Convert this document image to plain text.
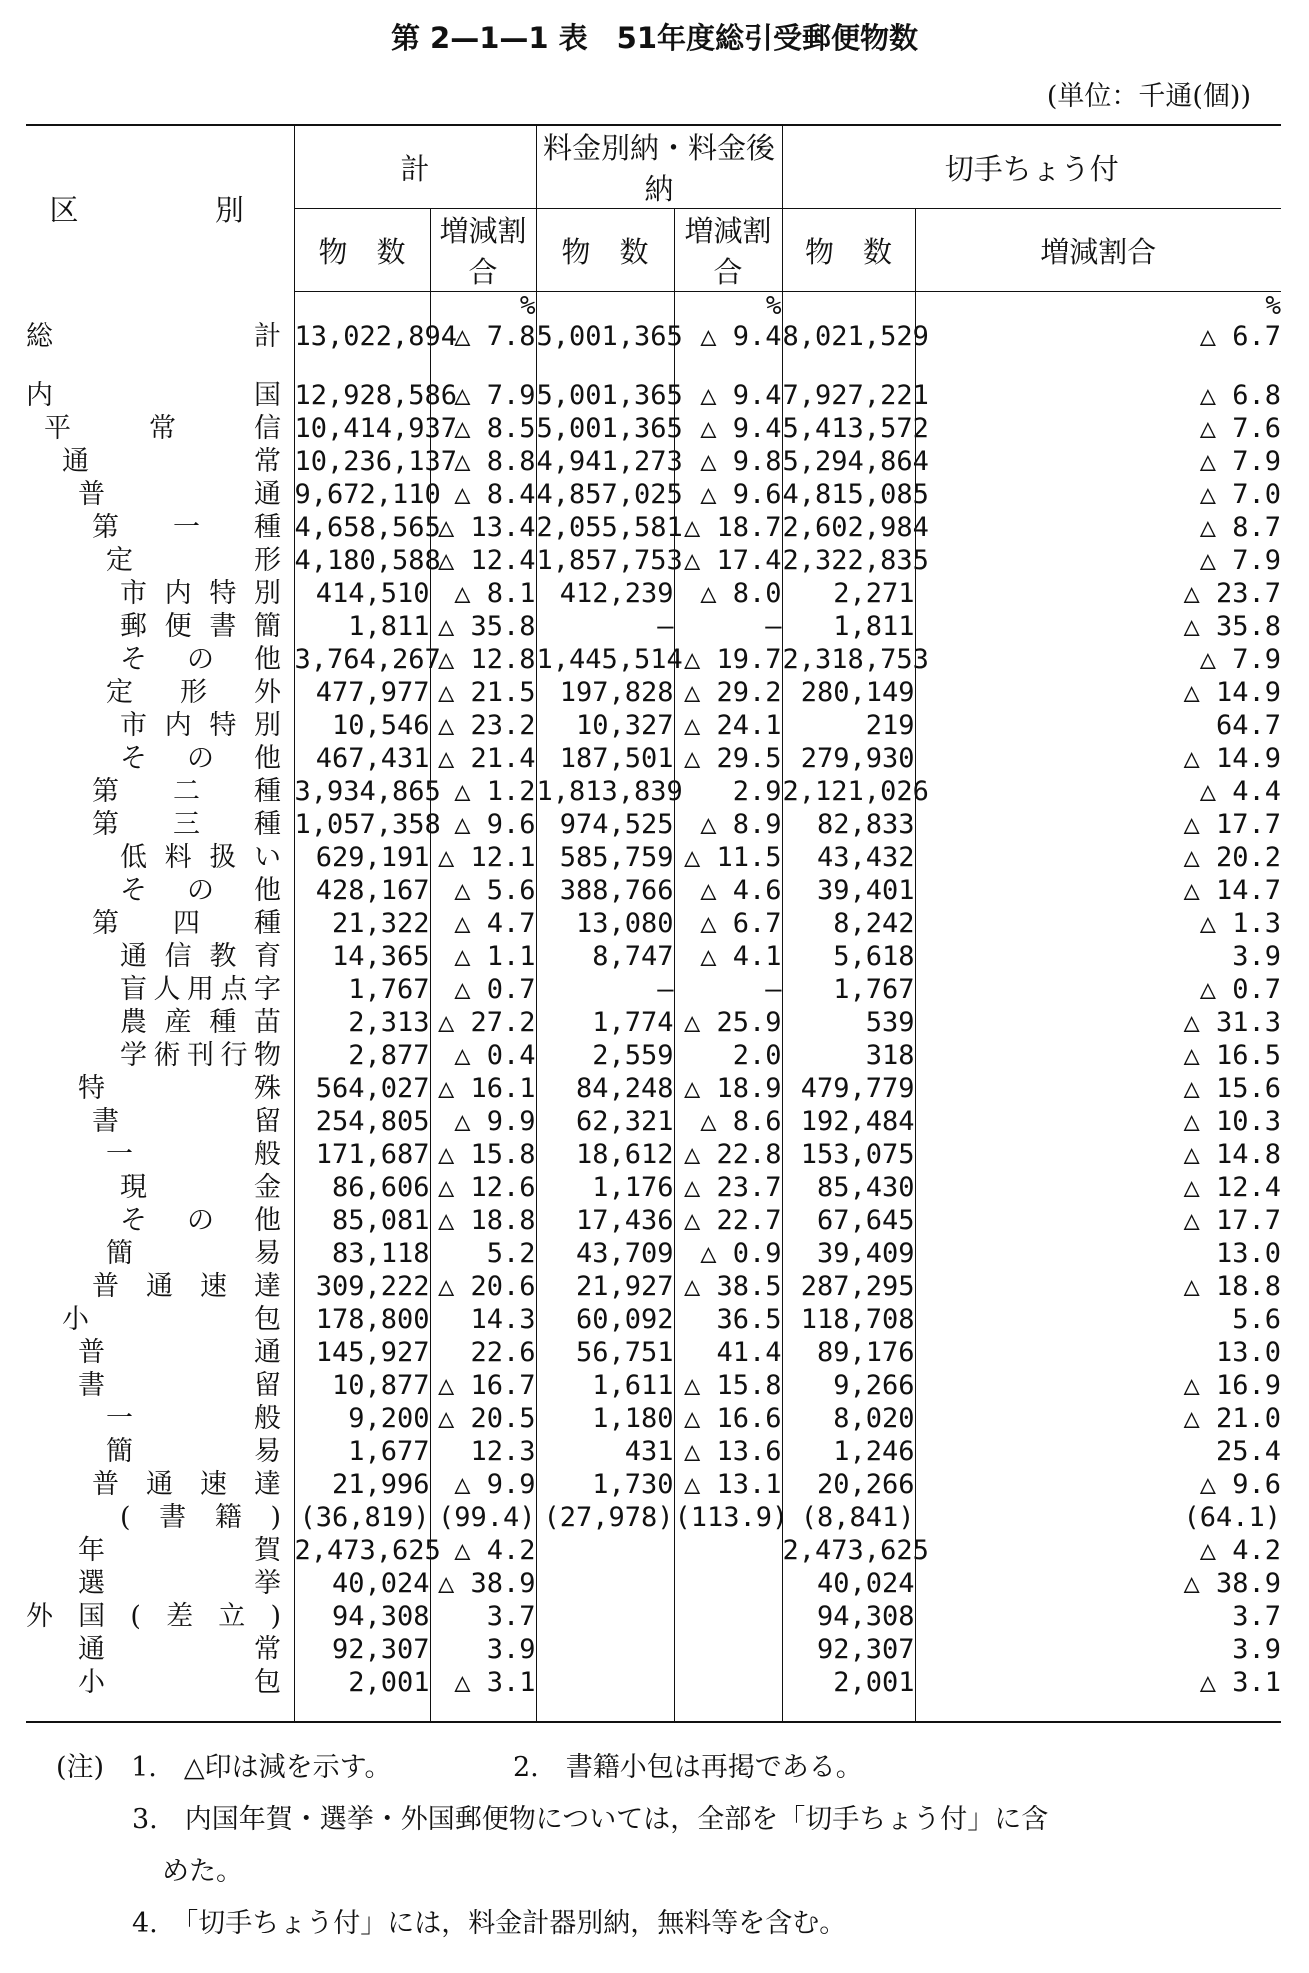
第 2—1—1 表　51年度総引受郵便物数
(単位：千通(個))
区　　別	計		料金別納・料金後納		切手ちょう付	
	物　数	増減割合	物　数	増減割合	物　数	増減割合
		%		%		%

総計	13,022,894	△ 7.8	5,001,365	△ 9.4	8,021,529	△ 6.7

内国	12,928,586	△ 7.9	5,001,365	△ 9.4	7,927,221	△ 6.8

平常信	10,414,937	△ 8.5	5,001,365	△ 9.4	5,413,572	△ 7.6

通常	10,236,137	△ 8.8	4,941,273	△ 9.8	5,294,864	△ 7.9

普通	9,672,110	△ 8.4	4,857,025	△ 9.6	4,815,085	△ 7.0

第一種	4,658,565	△ 13.4	2,055,581	△ 18.7	2,602,984	△ 8.7

定形	4,180,588	△ 12.4	1,857,753	△ 17.4	2,322,835	△ 7.9

市内特別	414,510	△ 8.1	412,239	△ 8.0	2,271	△ 23.7

郵便書簡	1,811	△ 35.8	—	—	1,811	△ 35.8

その他	3,764,267	△ 12.8	1,445,514	△ 19.7	2,318,753	△ 7.9

定形外	477,977	△ 21.5	197,828	△ 29.2	280,149	△ 14.9

市内特別	10,546	△ 23.2	10,327	△ 24.1	219	64.7

その他	467,431	△ 21.4	187,501	△ 29.5	279,930	△ 14.9

第二種	3,934,865	△ 1.2	1,813,839	2.9	2,121,026	△ 4.4

第三種	1,057,358	△ 9.6	974,525	△ 8.9	82,833	△ 17.7

低料扱い	629,191	△ 12.1	585,759	△ 11.5	43,432	△ 20.2

その他	428,167	△ 5.6	388,766	△ 4.6	39,401	△ 14.7

第四種	21,322	△ 4.7	13,080	△ 6.7	8,242	△ 1.3

通信教育	14,365	△ 1.1	8,747	△ 4.1	5,618	3.9

盲人用点字	1,767	△ 0.7	—	—	1,767	△ 0.7

農産種苗	2,313	△ 27.2	1,774	△ 25.9	539	△ 31.3

学術刊行物	2,877	△ 0.4	2,559	2.0	318	△ 16.5

特殊	564,027	△ 16.1	84,248	△ 18.9	479,779	△ 15.6

書留	254,805	△ 9.9	62,321	△ 8.6	192,484	△ 10.3

一般	171,687	△ 15.8	18,612	△ 22.8	153,075	△ 14.8

現金	86,606	△ 12.6	1,176	△ 23.7	85,430	△ 12.4

その他	85,081	△ 18.8	17,436	△ 22.7	67,645	△ 17.7

簡易	83,118	5.2	43,709	△ 0.9	39,409	13.0

普通速達	309,222	△ 20.6	21,927	△ 38.5	287,295	△ 18.8

小包	178,800	14.3	60,092	36.5	118,708	5.6

普通	145,927	22.6	56,751	41.4	89,176	13.0

書留	10,877	△ 16.7	1,611	△ 15.8	9,266	△ 16.9

一般	9,200	△ 20.5	1,180	△ 16.6	8,020	△ 21.0

簡易	1,677	12.3	431	△ 13.6	1,246	25.4

普通速達	21,996	△ 9.9	1,730	△ 13.1	20,266	△ 9.6

(書籍)	(36,819)	(99.4)	(27,978)	(113.9)	(8,841)	(64.1)

年賀	2,473,625	△ 4.2			2,473,625	△ 4.2

選挙	40,024	△ 38.9			40,024	△ 38.9

外国(差立)	94,308	3.7			94,308	3.7

通常	92,307	3.9			92,307	3.9

小包	2,001	△ 3.1			2,001	△ 3.1

(注)　 1.　△印は減を示す。　　　　　	2.　書籍小包は再掲である。
3.　内国年賀・選挙・外国郵便物については，全部を「切手ちょう付」に含
めた。
4.　「切手ちょう付」には，料金計器別納，無料等を含む。
